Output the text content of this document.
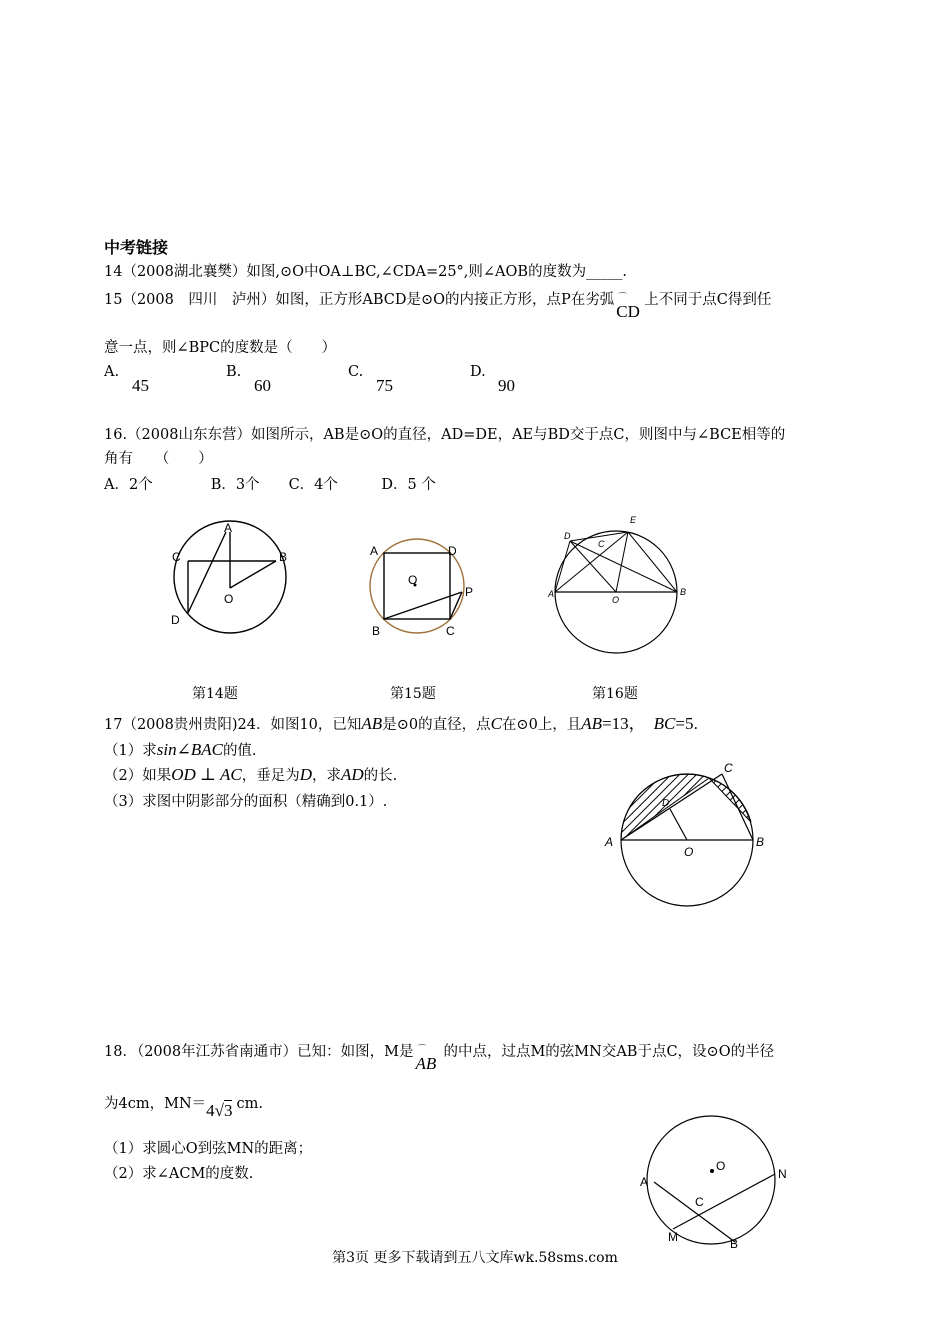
中考链接
14（2008湖北襄樊）如图,⊙O中OA⊥BC,∠CDA=25°,则∠AOB的度数为_____.
15（2008　四川　泸州）如图，正方形ABCD是⊙O的内接正方形，点P在劣弧 ⌒
CD
上不同于点C得到任
意一点，则∠BPC的度数是（　　）
A.
45
B.
60
C.
75
D.
90
16.（2008山东东营）如图所示，AB是⊙O的直径，AD=DE，AE与BD交于点C，则图中与∠BCE相等的
角有　　（　　）
A．2个　　　　B．3个　　C．4个　　　D．5 个
A
B
C
D
O
第14题
A	D
B	C
P
O
第15题
D
E
C
A
O
B
第16题
17（2008贵州贵阳)24．如图10，已知AB是⊙0的直径，点C在⊙0上，且AB=13， BC=5.
（1）求sin∠BAC的值.
（2）如果OD ⊥ AC，垂足为D，求AD的长.
（3）求图中阴影部分的面积（精确到0.1）.
C
A
O
B
D
18．（2008年江苏省南通市）已知：如图，M是 ⌒
AB
的中点，过点M的弦MN交AB于点C，设⊙O的半径
为4cm，MN＝4√3 cm.
（1）求圆心O到弦MN的距离；
（2）求∠ACM的度数.	O
A
N
C
M	B
第3页 更多下载请到五八文库wk.58sms.com
